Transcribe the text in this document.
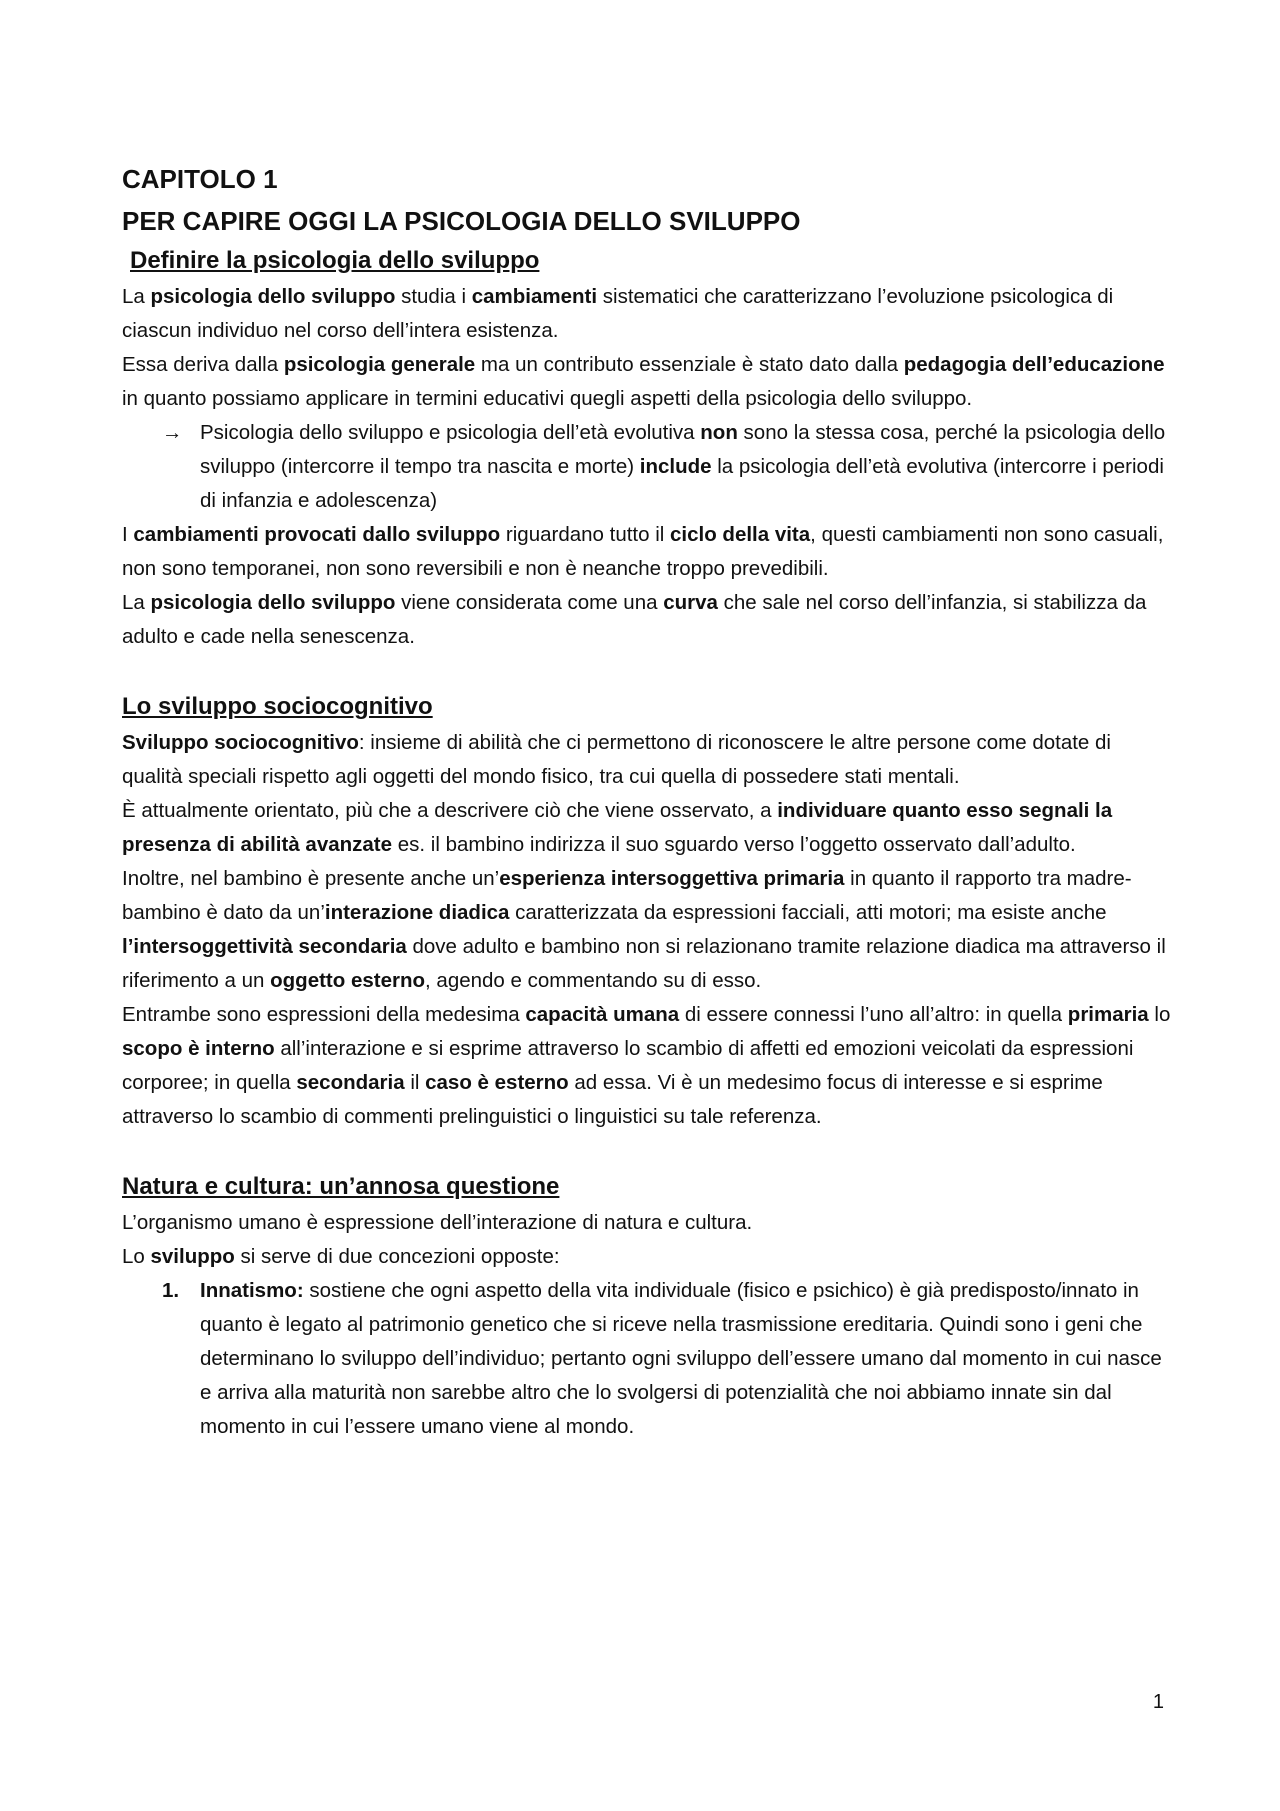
CAPITOLO 1
PER CAPIRE OGGI LA PSICOLOGIA DELLO SVILUPPO
Definire la psicologia dello sviluppo

La psicologia dello sviluppo studia i cambiamenti sistematici che caratterizzano l’evoluzione psicologica di ciascun individuo nel corso dell’intera esistenza.

Essa deriva dalla psicologia generale ma un contributo essenziale è stato dato dalla pedagogia dell’educazione in quanto possiamo applicare in termini educativi quegli aspetti della psicologia dello sviluppo.

→ Psicologia dello sviluppo e psicologia dell’età evolutiva non sono la stessa cosa, perché la psicologia dello sviluppo (intercorre il tempo tra nascita e morte) include la psicologia dell’età evolutiva (intercorre i periodi di infanzia e adolescenza)

I cambiamenti provocati dallo sviluppo riguardano tutto il ciclo della vita, questi cambiamenti non sono casuali, non sono temporanei, non sono reversibili e non è neanche troppo prevedibili.

La psicologia dello sviluppo viene considerata come una curva che sale nel corso dell’infanzia, si stabilizza da adulto e cade nella senescenza.

Lo sviluppo sociocognitivo

Sviluppo sociocognitivo: insieme di abilità che ci permettono di riconoscere le altre persone come dotate di qualità speciali rispetto agli oggetti del mondo fisico, tra cui quella di possedere stati mentali.

È attualmente orientato, più che a descrivere ciò che viene osservato, a individuare quanto esso segnali la presenza di abilità avanzate es. il bambino indirizza il suo sguardo verso l’oggetto osservato dall’adulto.

Inoltre, nel bambino è presente anche un’esperienza intersoggettiva primaria in quanto il rapporto tra madre-bambino è dato da un’interazione diadica caratterizzata da espressioni facciali, atti motori; ma esiste anche l’intersoggettività secondaria dove adulto e bambino non si relazionano tramite relazione diadica ma attraverso il riferimento a un oggetto esterno, agendo e commentando su di esso.

Entrambe sono espressioni della medesima capacità umana di essere connessi l’uno all’altro: in quella primaria lo scopo è interno all’interazione e si esprime attraverso lo scambio di affetti ed emozioni veicolati da espressioni corporee; in quella secondaria il caso è esterno ad essa. Vi è un medesimo focus di interesse e si esprime attraverso lo scambio di commenti prelinguistici o linguistici su tale referenza.

Natura e cultura: un’annosa questione

L’organismo umano è espressione dell’interazione di natura e cultura.

Lo sviluppo si serve di due concezioni opposte:

1. Innatismo: sostiene che ogni aspetto della vita individuale (fisico e psichico) è già predisposto/innato in quanto è legato al patrimonio genetico che si riceve nella trasmissione ereditaria. Quindi sono i geni che determinano lo sviluppo dell’individuo; pertanto ogni sviluppo dell’essere umano dal momento in cui nasce e arriva alla maturità non sarebbe altro che lo svolgersi di potenzialità che noi abbiamo innate sin dal momento in cui l’essere umano viene al mondo.
1
